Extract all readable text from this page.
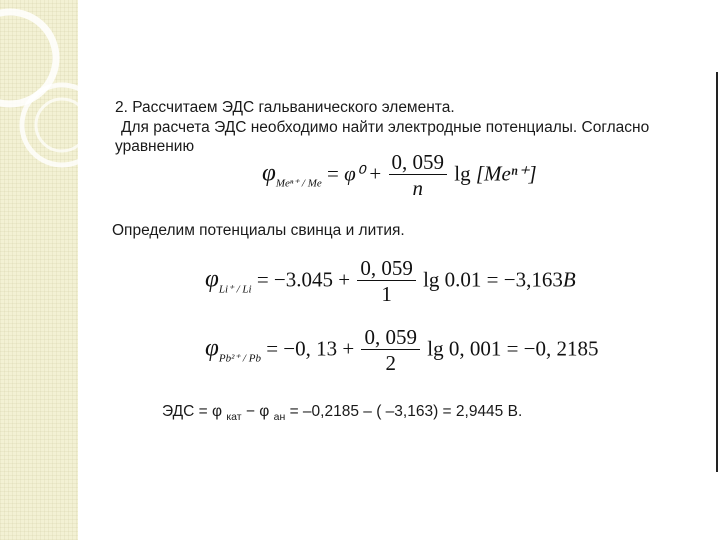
2. Рассчитаем ЭДС гальванического элемента.
Для расчета ЭДС необходимо найти электродные потенциалы. Согласно
уравнению
$\varphi_{Me^{n+} / Me} = \varphi^0 + \frac{0, 059}{n}$ lg [Meⁿ⁺]
Определим потенциалы свинца и лития.
$\varphi_{Li^+ / Li} = -3.045 + \frac{0, 059}{1}$ lg 0.01 = −3,163B
$\varphi_{Pb^{2+} / Pb} = -0$, $13 + \frac{0, 059}{2}$ lg 0, 001 = −0, 2185
ЭДС = φ $_{кат}$ − φ $_{ан}$ = –0,2185 – ( –3,163) = 2,9445 В.
